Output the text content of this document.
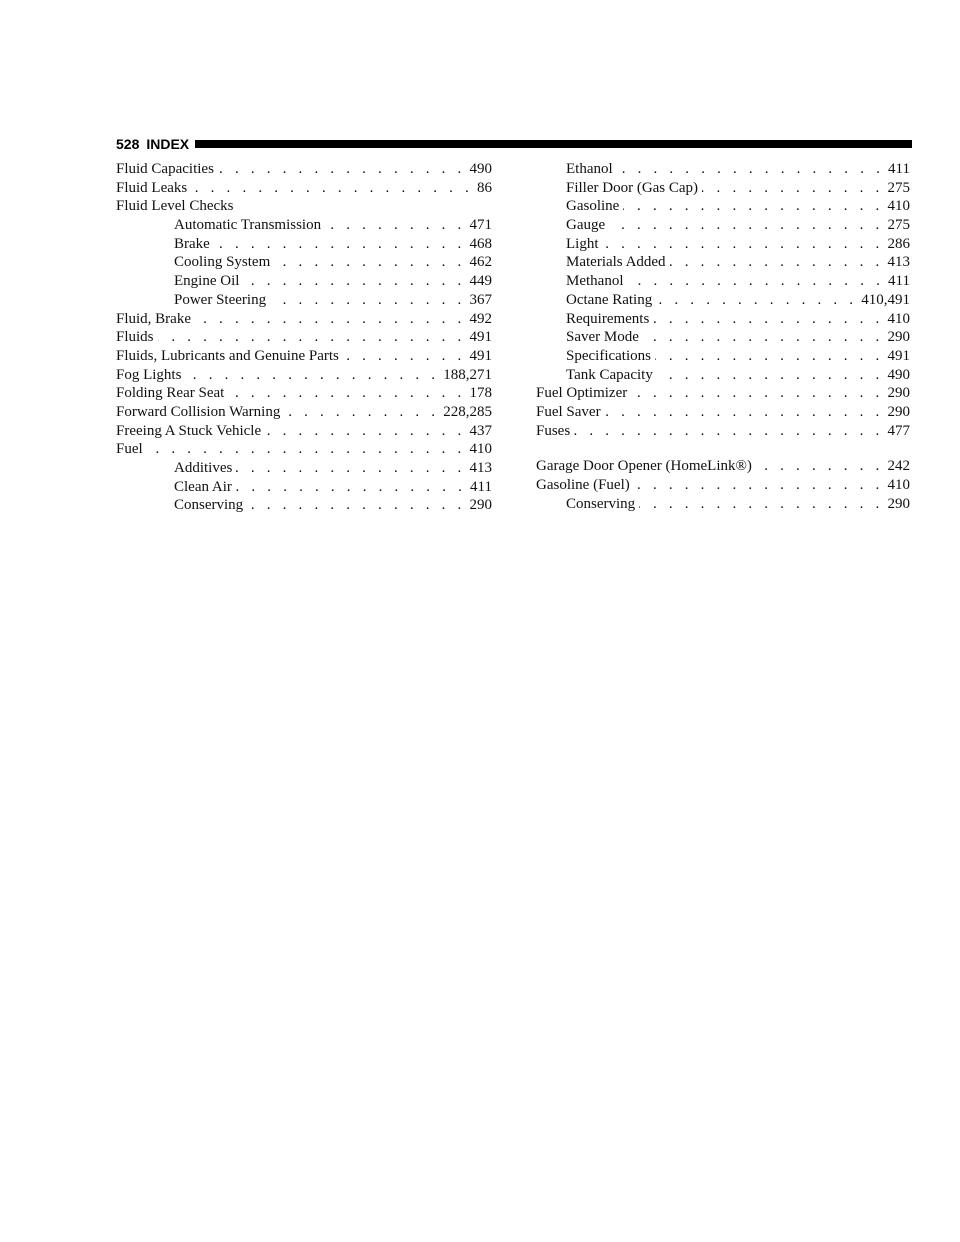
528 INDEX
Fluid Capacities . . .	490
Fluid Leaks . . .	86
Fluid Level Checks
Automatic Transmission . . .	471
Brake . . .	468
Cooling System . . .	462
Engine Oil . . .	449
Power Steering . . .	367
Fluid, Brake . . .	492
Fluids . . .	491
Fluids, Lubricants and Genuine Parts . . .	491
Fog Lights . . .	188,271
Folding Rear Seat . . .	178
Forward Collision Warning . . .	228,285
Freeing A Stuck Vehicle . . .	437
Fuel . . .	410
Additives . . .	413
Clean Air . . .	411
Conserving . . .	290
Ethanol . . .	411
Filler Door (Gas Cap) . . .	275
Gasoline . . .	410
Gauge . . .	275
Light . . .	286
Materials Added . . .	413
Methanol . . .	411
Octane Rating . . .	410,491
Requirements . . .	410
Saver Mode . . .	290
Specifications . . .	491
Tank Capacity . . .	490
Fuel Optimizer . . .	290
Fuel Saver . . .	290
Fuses . . .	477
Garage Door Opener (HomeLink®) . . .	242
Gasoline (Fuel) . . .	410
Conserving . . .	290
